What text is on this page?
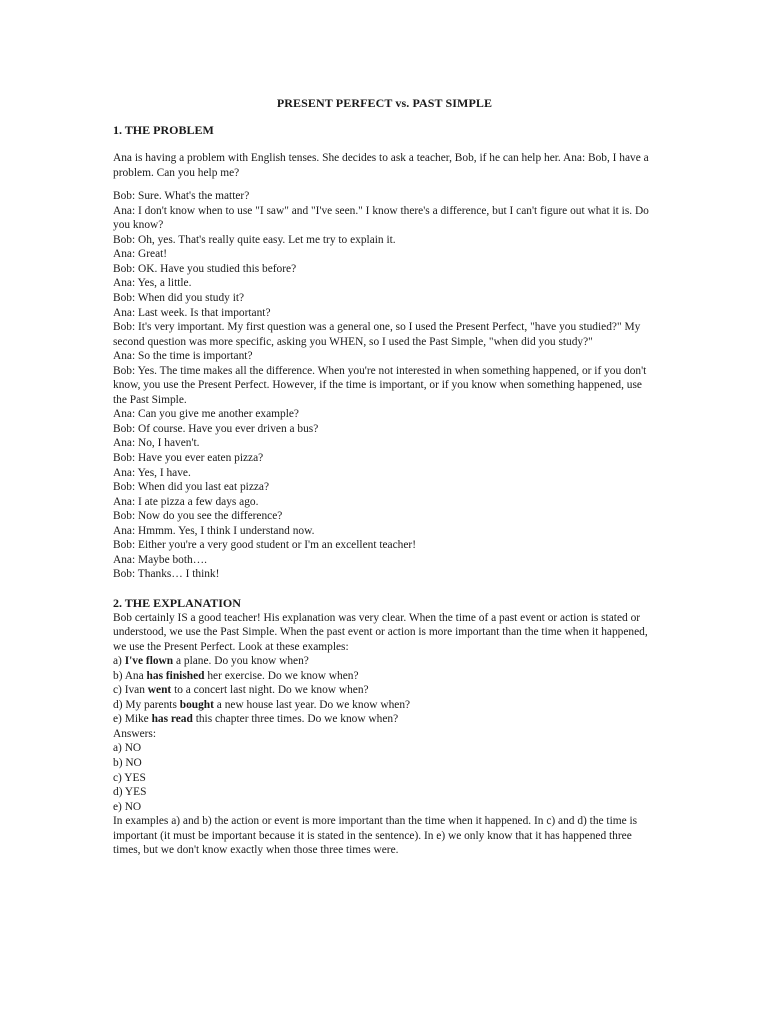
PRESENT PERFECT vs. PAST SIMPLE

1. THE PROBLEM

Ana is having a problem with English tenses. She decides to ask a teacher, Bob, if he can help her. Ana: Bob, I have a problem. Can you help me?

Bob: Sure. What's the matter?

Ana: I don't know when to use "I saw" and "I've seen." I know there's a difference, but I can't figure out what it is. Do you know?

Bob: Oh, yes. That's really quite easy. Let me try to explain it.

Ana: Great!

Bob: OK. Have you studied this before?

Ana: Yes, a little.

Bob: When did you study it?

Ana: Last week. Is that important?

Bob: It's very important. My first question was a general one, so I used the Present Perfect, "have you studied?" My second question was more specific, asking you WHEN, so I used the Past Simple, "when did you study?"

Ana: So the time is important?

Bob: Yes. The time makes all the difference. When you're not interested in when something happened, or if you don't know, you use the Present Perfect. However, if the time is important, or if you know when something happened, use the Past Simple.

Ana: Can you give me another example?

Bob: Of course. Have you ever driven a bus?

Ana: No, I haven't.

Bob: Have you ever eaten pizza?

Ana: Yes, I have.

Bob: When did you last eat pizza?

Ana: I ate pizza a few days ago.

Bob: Now do you see the difference?

Ana: Hmmm. Yes, I think I understand now.

Bob: Either you're a very good student or I'm an excellent teacher!

Ana: Maybe both….

Bob: Thanks… I think!

2. THE EXPLANATION

Bob certainly IS a good teacher! His explanation was very clear. When the time of a past event or action is stated or understood, we use the Past Simple. When the past event or action is more important than the time when it happened, we use the Present Perfect. Look at these examples:

a) I've flown a plane. Do you know when?

b) Ana has finished her exercise. Do we know when?

c) Ivan went to a concert last night. Do we know when?

d) My parents bought a new house last year. Do we know when?

e) Mike has read this chapter three times. Do we know when?

Answers:

a) NO

b) NO

c) YES

d) YES

e) NO

In examples a) and b) the action or event is more important than the time when it happened. In c) and d) the time is important (it must be important because it is stated in the sentence). In e) we only know that it has happened three times, but we don't know exactly when those three times were.
